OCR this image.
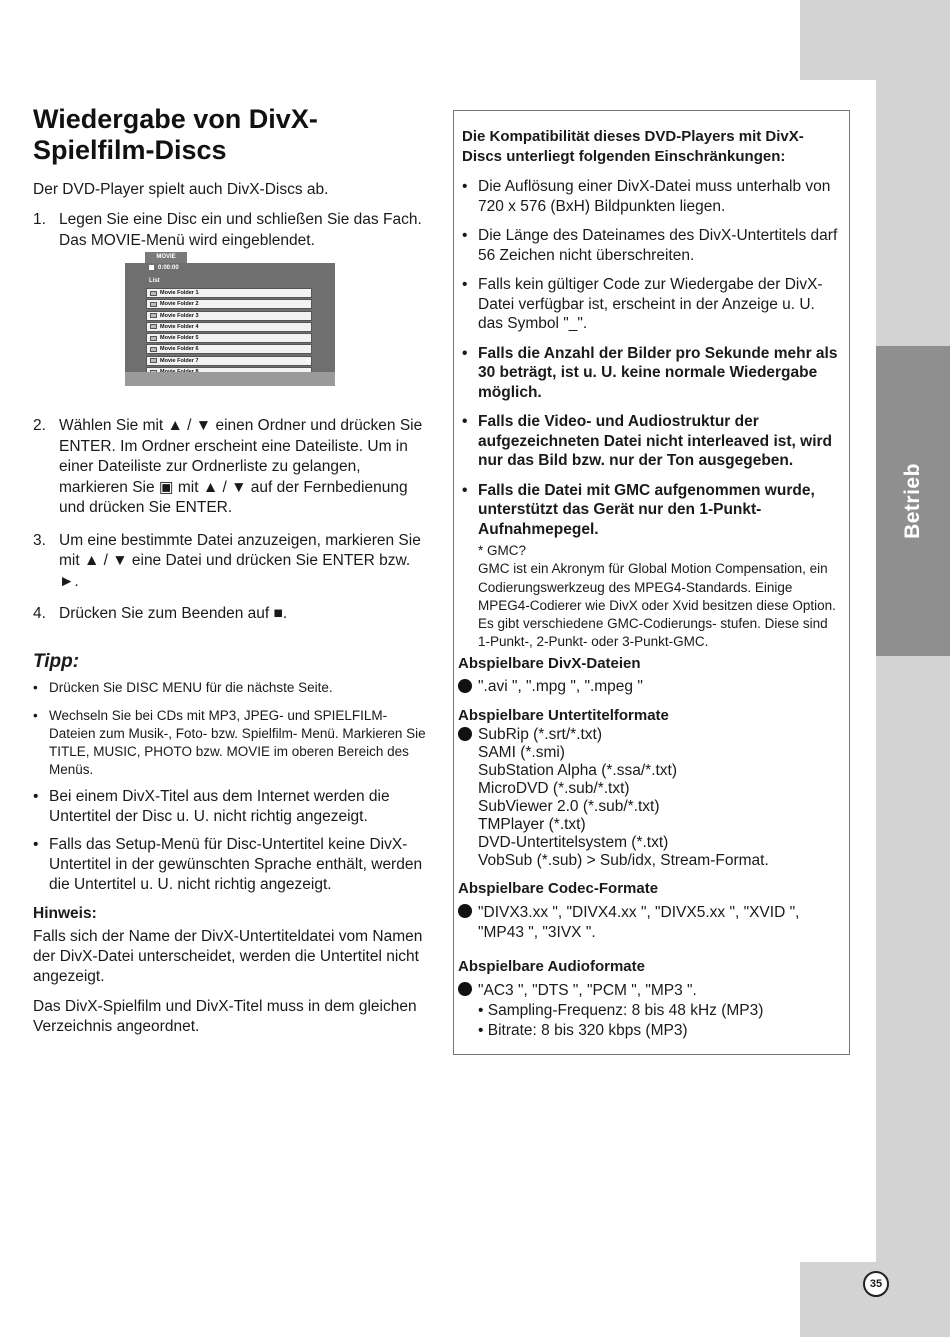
Betrieb
35
Wiedergabe von DivX-Spielfilm-Discs
Der DVD-Player spielt auch DivX-Discs ab.
1. Legen Sie eine Disc ein und schließen Sie das Fach. Das MOVIE-Menü wird eingeblendet.
MOVIE
0:00:00
List
Movie Folder 1
Movie Folder 2
Movie Folder 3
Movie Folder 4
Movie Folder 5
Movie Folder 6
Movie Folder 7	▼
2. Wählen Sie mit ▲ / ▼ einen Ordner und drücken Sie ENTER. Im Ordner erscheint eine Dateiliste. Um in einer Dateiliste zur Ordnerliste zu gelangen, markieren Sie ▣ mit ▲ / ▼ auf der Fernbedienung und drücken Sie ENTER.
3. Um eine bestimmte Datei anzuzeigen, markieren Sie mit ▲ / ▼ eine Datei und drücken Sie ENTER bzw. ►.
4. Drücken Sie zum Beenden auf ■.
Tipp:
• Drücken Sie DISC MENU für die nächste Seite.
• Wechseln Sie bei CDs mit MP3, JPEG- und SPIELFILM-Dateien zum Musik-, Foto- bzw. Spielfilm- Menü. Markieren Sie TITLE, MUSIC, PHOTO bzw. MOVIE im oberen Bereich des Menüs.
• Bei einem DivX-Titel aus dem Internet werden die Untertitel der Disc u. U. nicht richtig angezeigt.
• Falls das Setup-Menü für Disc-Untertitel keine DivX-Untertitel in der gewünschten Sprache enthält, werden die Untertitel u. U. nicht richtig angezeigt.
Hinweis:
Falls sich der Name der DivX-Untertiteldatei vom Namen der DivX-Datei unterscheidet, werden die Untertitel nicht angezeigt.
Das DivX-Spielfilm und DivX-Titel muss in dem gleichen Verzeichnis angeordnet.
Die Kompatibilität dieses DVD-Players mit DivX-Discs unterliegt folgenden Einschränkungen:
• Die Auflösung einer DivX-Datei muss unterhalb von 720 x 576 (BxH) Bildpunkten liegen.
• Die Länge des Dateinames des DivX-Untertitels darf 56 Zeichen nicht überschreiten.
• Falls kein gültiger Code zur Wiedergabe der DivX-Datei verfügbar ist, erscheint in der Anzeige u. U. das Symbol "_".
• Falls die Anzahl der Bilder pro Sekunde mehr als 30 beträgt, ist u. U. keine normale Wiedergabe möglich.
• Falls die Video- und Audiostruktur der aufgezeichneten Datei nicht interleaved ist, wird nur das Bild bzw. nur der Ton ausgegeben.
• Falls die Datei mit GMC aufgenommen wurde, unterstützt das Gerät nur den 1-Punkt-Aufnahmepegel.
* GMC?
GMC ist ein Akronym für Global Motion Compensation, ein Codierungswerkzeug des MPEG4-Standards. Einige MPEG4-Codierer wie DivX oder Xvid besitzen diese Option. Es gibt verschiedene GMC-Codierungs- stufen. Diese sind 1-Punkt-, 2-Punkt- oder 3-Punkt-GMC.
Abspielbare DivX-Dateien
".avi ", ".mpg ", ".mpeg "
Abspielbare Untertitelformate
SubRip (*.srt/*.txt)
SAMI (*.smi)
SubStation Alpha (*.ssa/*.txt)
MicroDVD (*.sub/*.txt)
SubViewer 2.0 (*.sub/*.txt)
TMPlayer (*.txt)
DVD-Untertitelsystem (*.txt)
VobSub (*.sub) > Sub/idx, Stream-Format.
Abspielbare Codec-Formate
"DIVX3.xx ", "DIVX4.xx ", "DIVX5.xx ", "XVID ",
"MP43 ", "3IVX ".
Abspielbare Audioformate
"AC3 ", "DTS ", "PCM ", "MP3 ".
• Sampling-Frequenz: 8 bis 48 kHz (MP3)
• Bitrate: 8 bis 320 kbps (MP3)
